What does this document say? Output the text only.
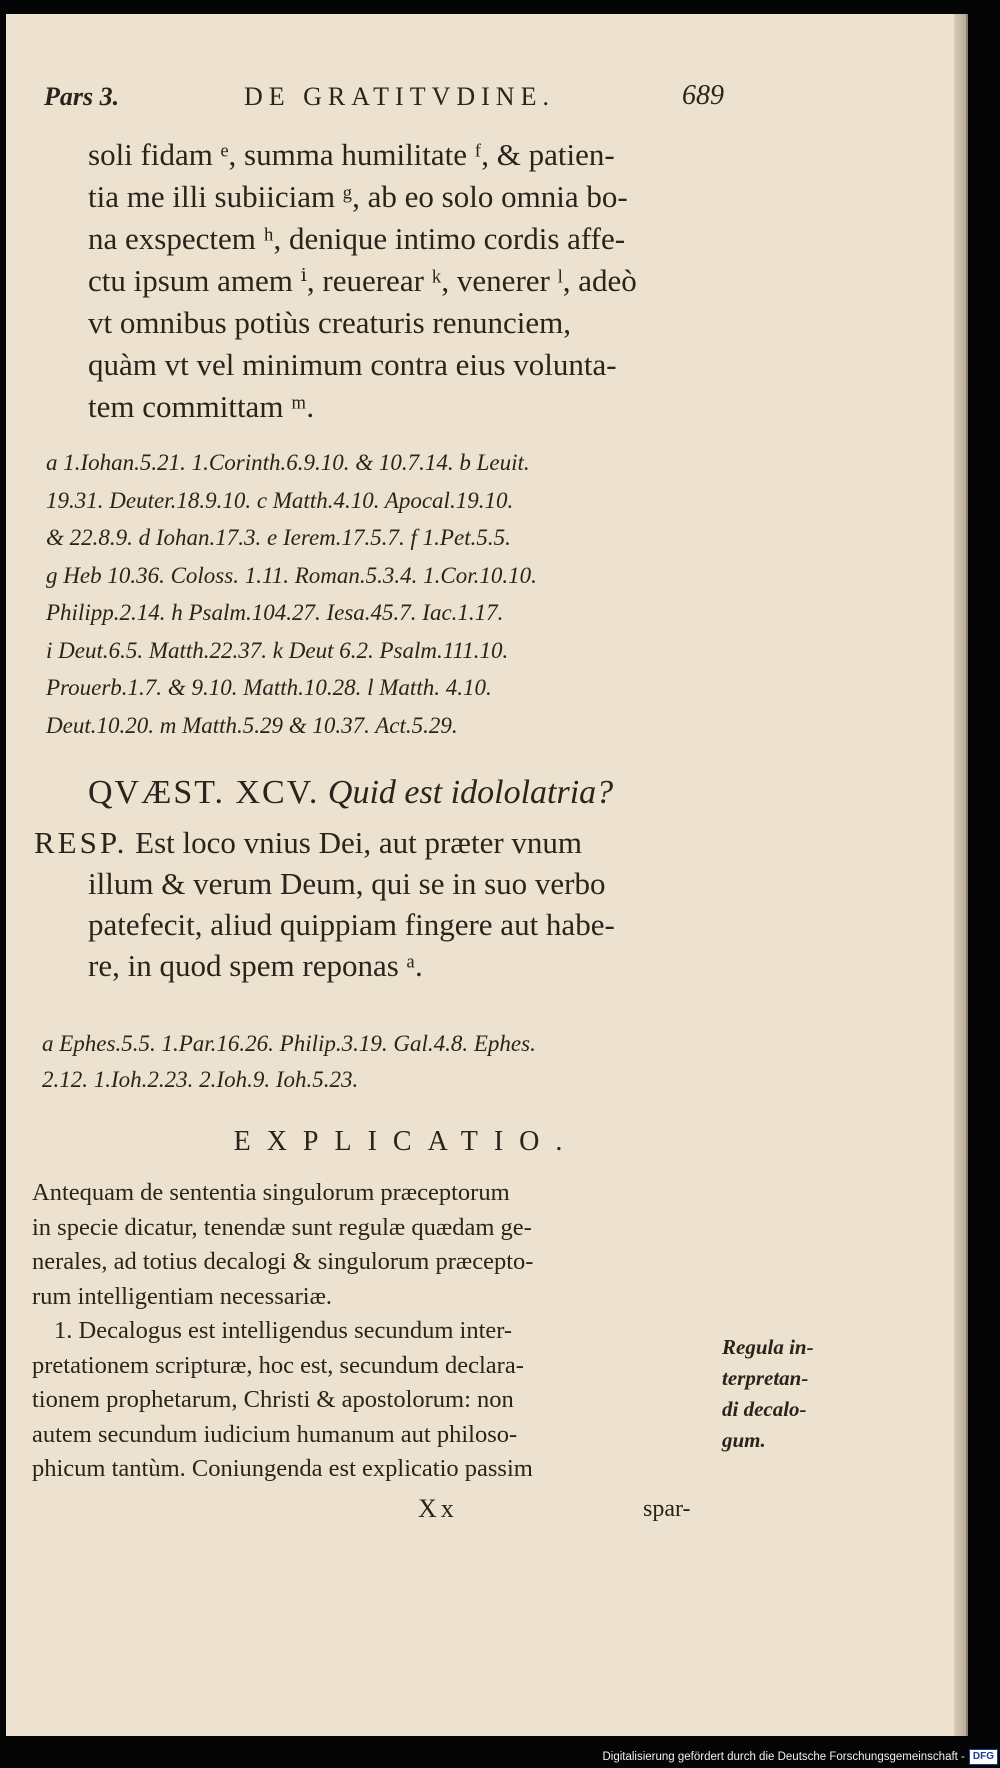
Pars 3.	DE GRATITVDINE.	689
soli fidam ᵉ, summa humilitate ᶠ, & patien-
tia me illi subiiciam ᵍ, ab eo solo omnia bo-
na exspectem ʰ, denique intimo cordis affe-
ctu ipsum amem ⁱ, reuerear ᵏ, venerer ˡ, adeò
vt omnibus potiùs creaturis renunciem,
quàm vt vel minimum contra eius volunta-
tem committam ᵐ.
a 1.Iohan.5.21. 1.Corinth.6.9.10. & 10.7.14. b Leuit.
19.31. Deuter.18.9.10. c Matth.4.10. Apocal.19.10.
& 22.8.9. d Iohan.17.3. e Ierem.17.5.7. f 1.Pet.5.5.
g Heb 10.36. Coloss. 1.11. Roman.5.3.4. 1.Cor.10.10.
Philipp.2.14. h Psalm.104.27. Iesa.45.7. Iac.1.17.
i Deut.6.5. Matth.22.37. k Deut 6.2. Psalm.111.10.
Prouerb.1.7. & 9.10. Matth.10.28. l Matth. 4.10.
Deut.10.20. m Matth.5.29 & 10.37. Act.5.29.
QVÆST. XCV. Quid est idololatria?
RESP. Est loco vnius Dei, aut præter vnum
illum & verum Deum, qui se in suo verbo
patefecit, aliud quippiam fingere aut habe-
re, in quod spem reponas ᵃ.
a Ephes.5.5. 1.Par.16.26. Philip.3.19. Gal.4.8. Ephes.
2.12. 1.Ioh.2.23. 2.Ioh.9. Ioh.5.23.
EXPLICATIO.
Antequam de sententia singulorum præceptorum
in specie dicatur, tenendæ sunt regulæ quædam ge-
nerales, ad totius decalogi & singulorum præcepto-
rum intelligentiam necessariæ.
1. Decalogus est intelligendus secundum inter-
pretationem scripturæ, hoc est, secundum declara-
tionem prophetarum, Christi & apostolorum: non
autem secundum iudicium humanum aut philoso-
phicum tantùm. Coniungenda est explicatio passim
Regula in-
terpretan-
di decalo-
gum.
Xx	spar-
Digitalisierung gefördert durch die Deutsche Forschungsgemeinschaft - DFG
